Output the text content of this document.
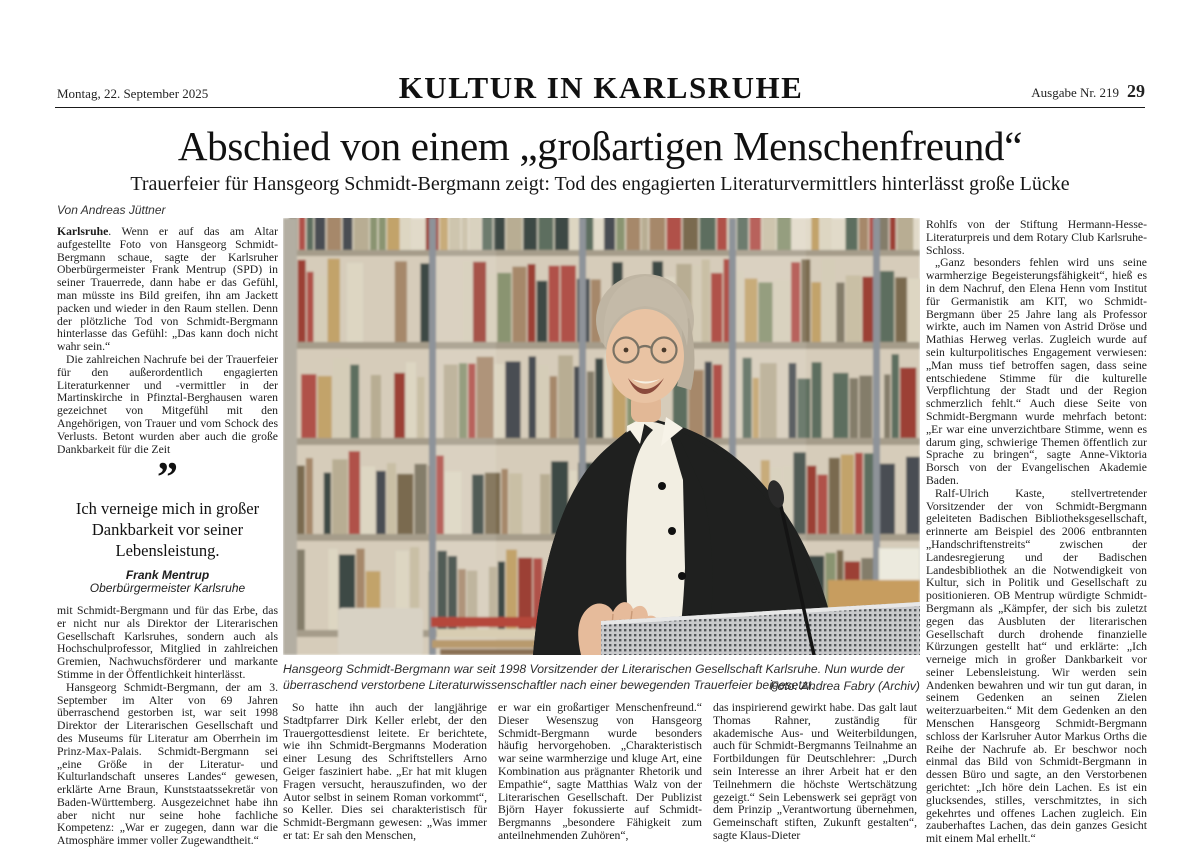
Montag, 22. September 2025	KULTUR IN KARLSRUHE	Ausgabe Nr. 219 29
Abschied von einem „großartigen Menschenfreund“
Trauerfeier für Hansgeorg Schmidt-Bergmann zeigt: Tod des engagierten Literaturvermittlers hinterlässt große Lücke
Von Andreas Jüttner

Karlsruhe. Wenn er auf das am Altar aufgestellte Foto von Hansgeorg Schmidt-Bergmann schaue, sagte der Karlsruher Oberbürgermeister Frank Mentrup (SPD) in seiner Trauerrede, dann habe er das Gefühl, man müsste ins Bild greifen, ihn am Jackett packen und wieder in den Raum stellen. Denn der plötzliche Tod von Schmidt-Bergmann hinterlasse das Gefühl: „Das kann doch nicht wahr sein.“

Die zahlreichen Nachrufe bei der Trauerfeier für den außerordentlich engagierten Literaturkenner und -vermittler in der Martinskirche in Pfinztal-Berghausen waren gezeichnet von Mitgefühl mit den Angehörigen, von Trauer und vom Schock des Verlusts. Betont wurden aber auch die große Dankbarkeit für die Zeit

”
Ich verneige mich in großer Dankbarkeit vor seiner Lebensleistung.
Frank Mentrup
Oberbürgermeister Karlsruhe

mit Schmidt-Bergmann und für das Erbe, das er nicht nur als Direktor der Literarischen Gesellschaft Karlsruhes, sondern auch als Hochschulprofessor, Mitglied in zahlreichen Gremien, Nachwuchsförderer und markante Stimme in der Öffentlichkeit hinterlässt.

Hansgeorg Schmidt-Bergmann, der am 3. September im Alter von 69 Jahren überraschend gestorben ist, war seit 1998 Direktor der Literarischen Gesellschaft und des Museums für Literatur am Oberrhein im Prinz-Max-Palais. Schmidt-Bergmann sei „eine Größe in der Literatur- und Kulturlandschaft unseres Landes“ gewesen, erklärte Arne Braun, Kunststaatssekretär von Baden-Württemberg. Ausgezeichnet habe ihn aber nicht nur seine hohe fachliche Kompetenz: „War er zugegen, dann war die Atmosphäre immer voller Zugewandtheit.“

Hansgeorg Schmidt-Bergmann war seit 1998 Vorsitzender der Literarischen Gesellschaft Karlsruhe. Nun wurde der überraschend verstorbene Literaturwissenschaftler nach einer bewegenden Trauerfeier beigesetzt.
Foto: Andrea Fabry (Archiv)

So hatte ihn auch der langjährige Stadtpfarrer Dirk Keller erlebt, der den Trauergottesdienst leitete. Er berichtete, wie ihn Schmidt-Bergmanns Moderation einer Lesung des Schriftstellers Arno Geiger fasziniert habe. „Er hat mit klugen Fragen versucht, herauszufinden, wo der Autor selbst in seinem Roman vorkommt“, so Keller. Dies sei charakteristisch für Schmidt-Bergmann gewesen: „Was immer er tat: Er sah den Menschen,

er war ein großartiger Menschenfreund.“ Dieser Wesenszug von Hansgeorg Schmidt-Bergmann wurde besonders häufig hervorgehoben. „Charakteristisch war seine warmherzige und kluge Art, eine Kombination aus prägnanter Rhetorik und Empathie“, sagte Matthias Walz von der Literarischen Gesellschaft. Der Publizist Björn Hayer fokussierte auf Schmidt-Bergmanns „besondere Fähigkeit zum anteilnehmenden Zuhören“,

das inspirierend gewirkt habe. Das galt laut Thomas Rahner, zuständig für akademische Aus- und Weiterbildungen, auch für Schmidt-Bergmanns Teilnahme an Fortbildungen für Deutschlehrer: „Durch sein Interesse an ihrer Arbeit hat er den Teilnehmern die höchste Wertschätzung gezeigt.“ Sein Lebenswerk sei geprägt von dem Prinzip „Verantwortung übernehmen, Gemeinschaft stiften, Zukunft gestalten“, sagte Klaus-Dieter

Rohlfs von der Stiftung Hermann-Hesse-Literaturpreis und dem Rotary Club Karlsruhe-Schloss.

„Ganz besonders fehlen wird uns seine warmherzige Begeisterungsfähigkeit“, hieß es in dem Nachruf, den Elena Henn vom Institut für Germanistik am KIT, wo Schmidt-Bergmann über 25 Jahre lang als Professor wirkte, auch im Namen von Astrid Dröse und Mathias Herweg verlas. Zugleich wurde auf sein kulturpolitisches Engagement verwiesen: „Man muss tief betroffen sagen, dass seine entschiedene Stimme für die kulturelle Verpflichtung der Stadt und der Region schmerzlich fehlt.“ Auch diese Seite von Schmidt-Bergmann wurde mehrfach betont: „Er war eine unverzichtbare Stimme, wenn es darum ging, schwierige Themen öffentlich zur Sprache zu bringen“, sagte Anne-Viktoria Borsch von der Evangelischen Akademie Baden.

Ralf-Ulrich Kaste, stellvertretender Vorsitzender der von Schmidt-Bergmann geleiteten Badischen Bibliotheksgesellschaft, erinnerte am Beispiel des 2006 entbrannten „Handschriftenstreits“ zwischen der Landesregierung und der Badischen Landesbibliothek an die Notwendigkeit von Kultur, sich in Politik und Gesellschaft zu positionieren. OB Mentrup würdigte Schmidt-Bergmann als „Kämpfer, der sich bis zuletzt gegen das Ausbluten der literarischen Gesellschaft durch drohende finanzielle Kürzungen gestellt hat“ und erklärte: „Ich verneige mich in großer Dankbarkeit vor seiner Lebensleistung. Wir werden sein Andenken bewahren und wir tun gut daran, in seinem Gedenken an seinen Zielen weiterzuarbeiten.“ Mit dem Gedenken an den Menschen Hansgeorg Schmidt-Bergmann schloss der Karlsruher Autor Markus Orths die Reihe der Nachrufe ab. Er beschwor noch einmal das Bild von Schmidt-Bergmann in dessen Büro und sagte, an den Verstorbenen gerichtet: „Ich höre dein Lachen. Es ist ein glucksendes, stilles, verschmitztes, in sich gekehrtes und offenes Lachen zugleich. Ein zauberhaftes Lachen, das dein ganzes Gesicht mit einem Mal erhellt.“
